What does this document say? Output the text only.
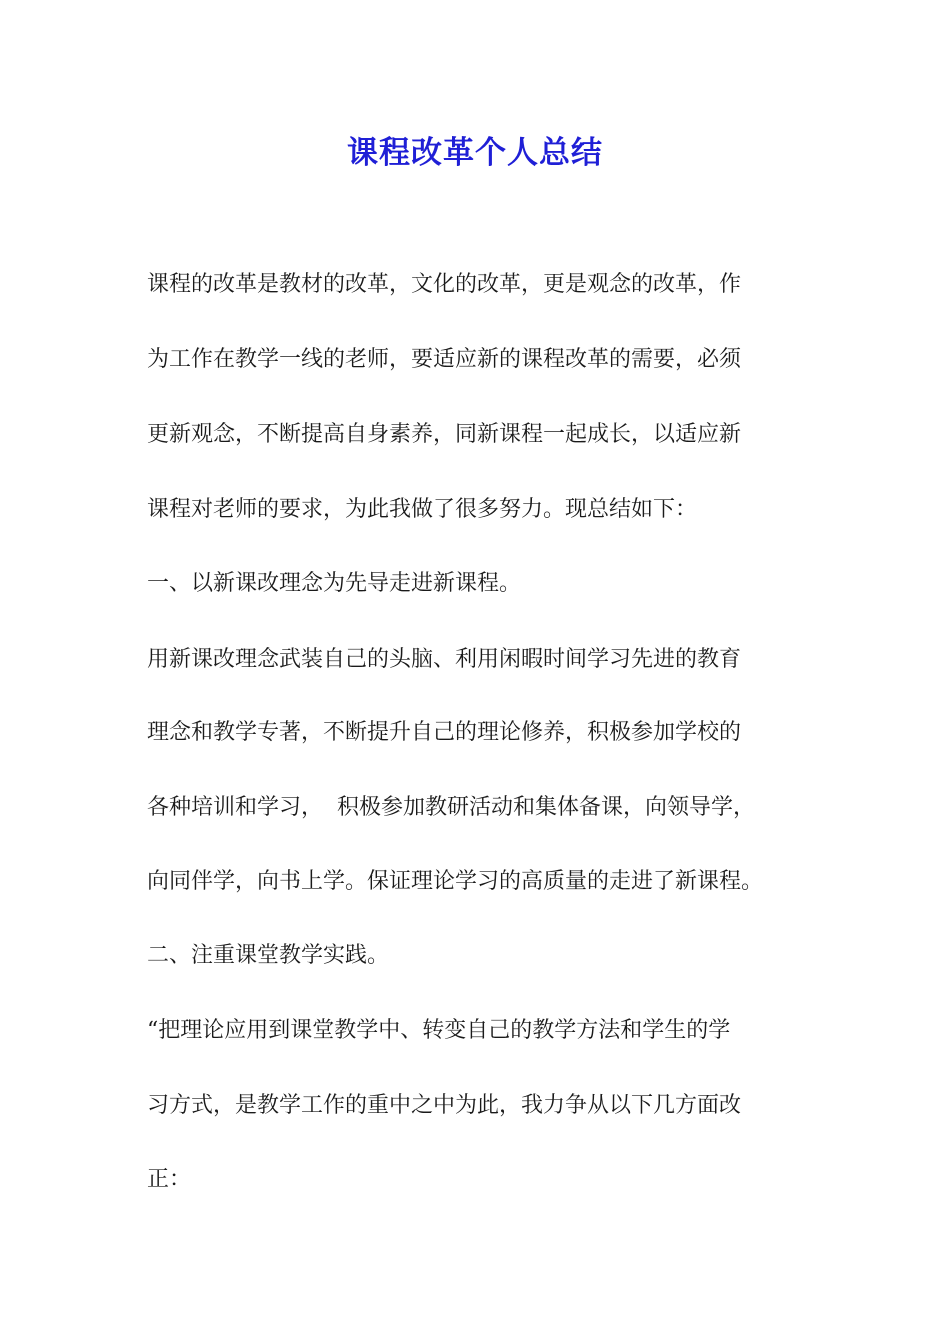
课程改革个人总结
课程的改革是教材的改革，文化的改革，更是观念的改革，作
为工作在教学一线的老师，要适应新的课程改革的需要，必须
更新观念，不断提高自身素养，同新课程一起成长，以适应新
课程对老师的要求，为此我做了很多努力。现总结如下：
一、以新课改理念为先导走进新课程。
用新课改理念武装自己的头脑、利用闲暇时间学习先进的教育
理念和教学专著，不断提升自己的理论修养，积极参加学校的
各种培训和学习，  积极参加教研活动和集体备课，向领导学，
向同伴学，向书上学。保证理论学习的高质量的走进了新课程。
二、注重课堂教学实践。
“把理论应用到课堂教学中、转变自己的教学方法和学生的学
习方式，是教学工作的重中之中为此，我力争从以下几方面改
正：
